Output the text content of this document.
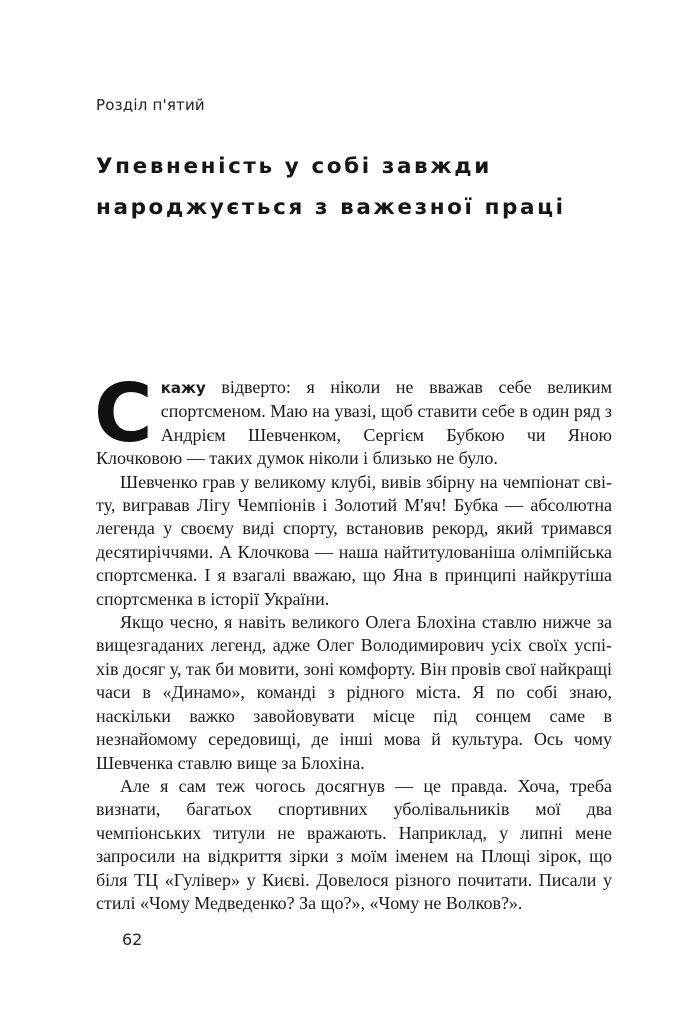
Розділ п'ятий
Упевненість у собі завжди
народжується з важезної праці

Скажу відверто: я ніколи не вважав себе великим спортсменом. Маю на увазі, щоб ставити себе в один ряд з Андрієм Шевченком, Сергієм Бубкою чи Яною Клочковою — таких думок ніколи і близько не було.

Шевченко грав у великому клубі, вивів збірну на чемпіонат світу, вигравав Лігу Чемпіонів і Золотий М'яч! Бубка — абсолютна легенда у своєму виді спорту, встановив рекорд, який тримався десятиріччями. А Клочкова — наша найтитулованіша олімпійська спортсменка. І я взагалі вважаю, що Яна в принципі найкрутіша спортсменка в історії України.

Якщо чесно, я навіть великого Олега Блохіна ставлю нижче за вищезгаданих легенд, адже Олег Володимирович усіх своїх успіхів досяг у, так би мовити, зоні комфорту. Він провів свої найкращі часи в «Динамо», команді з рідного міста. Я по собі знаю, наскільки важко завойовувати місце під сонцем саме в незнайомому середовищі, де інші мова й культура. Ось чому Шевченка ставлю вище за Блохіна.

Але я сам теж чогось досягнув — це правда. Хоча, треба визнати, багатьох спортивних уболівальників мої два чемпіонських титули не вражають. Наприклад, у липні мене запросили на відкриття зірки з моїм іменем на Площі зірок, що біля ТЦ «Гулівер» у Києві. Довелося різного почитати. Писали у стилі «Чому Медведенко? За що?», «Чому не Волков?».

62
